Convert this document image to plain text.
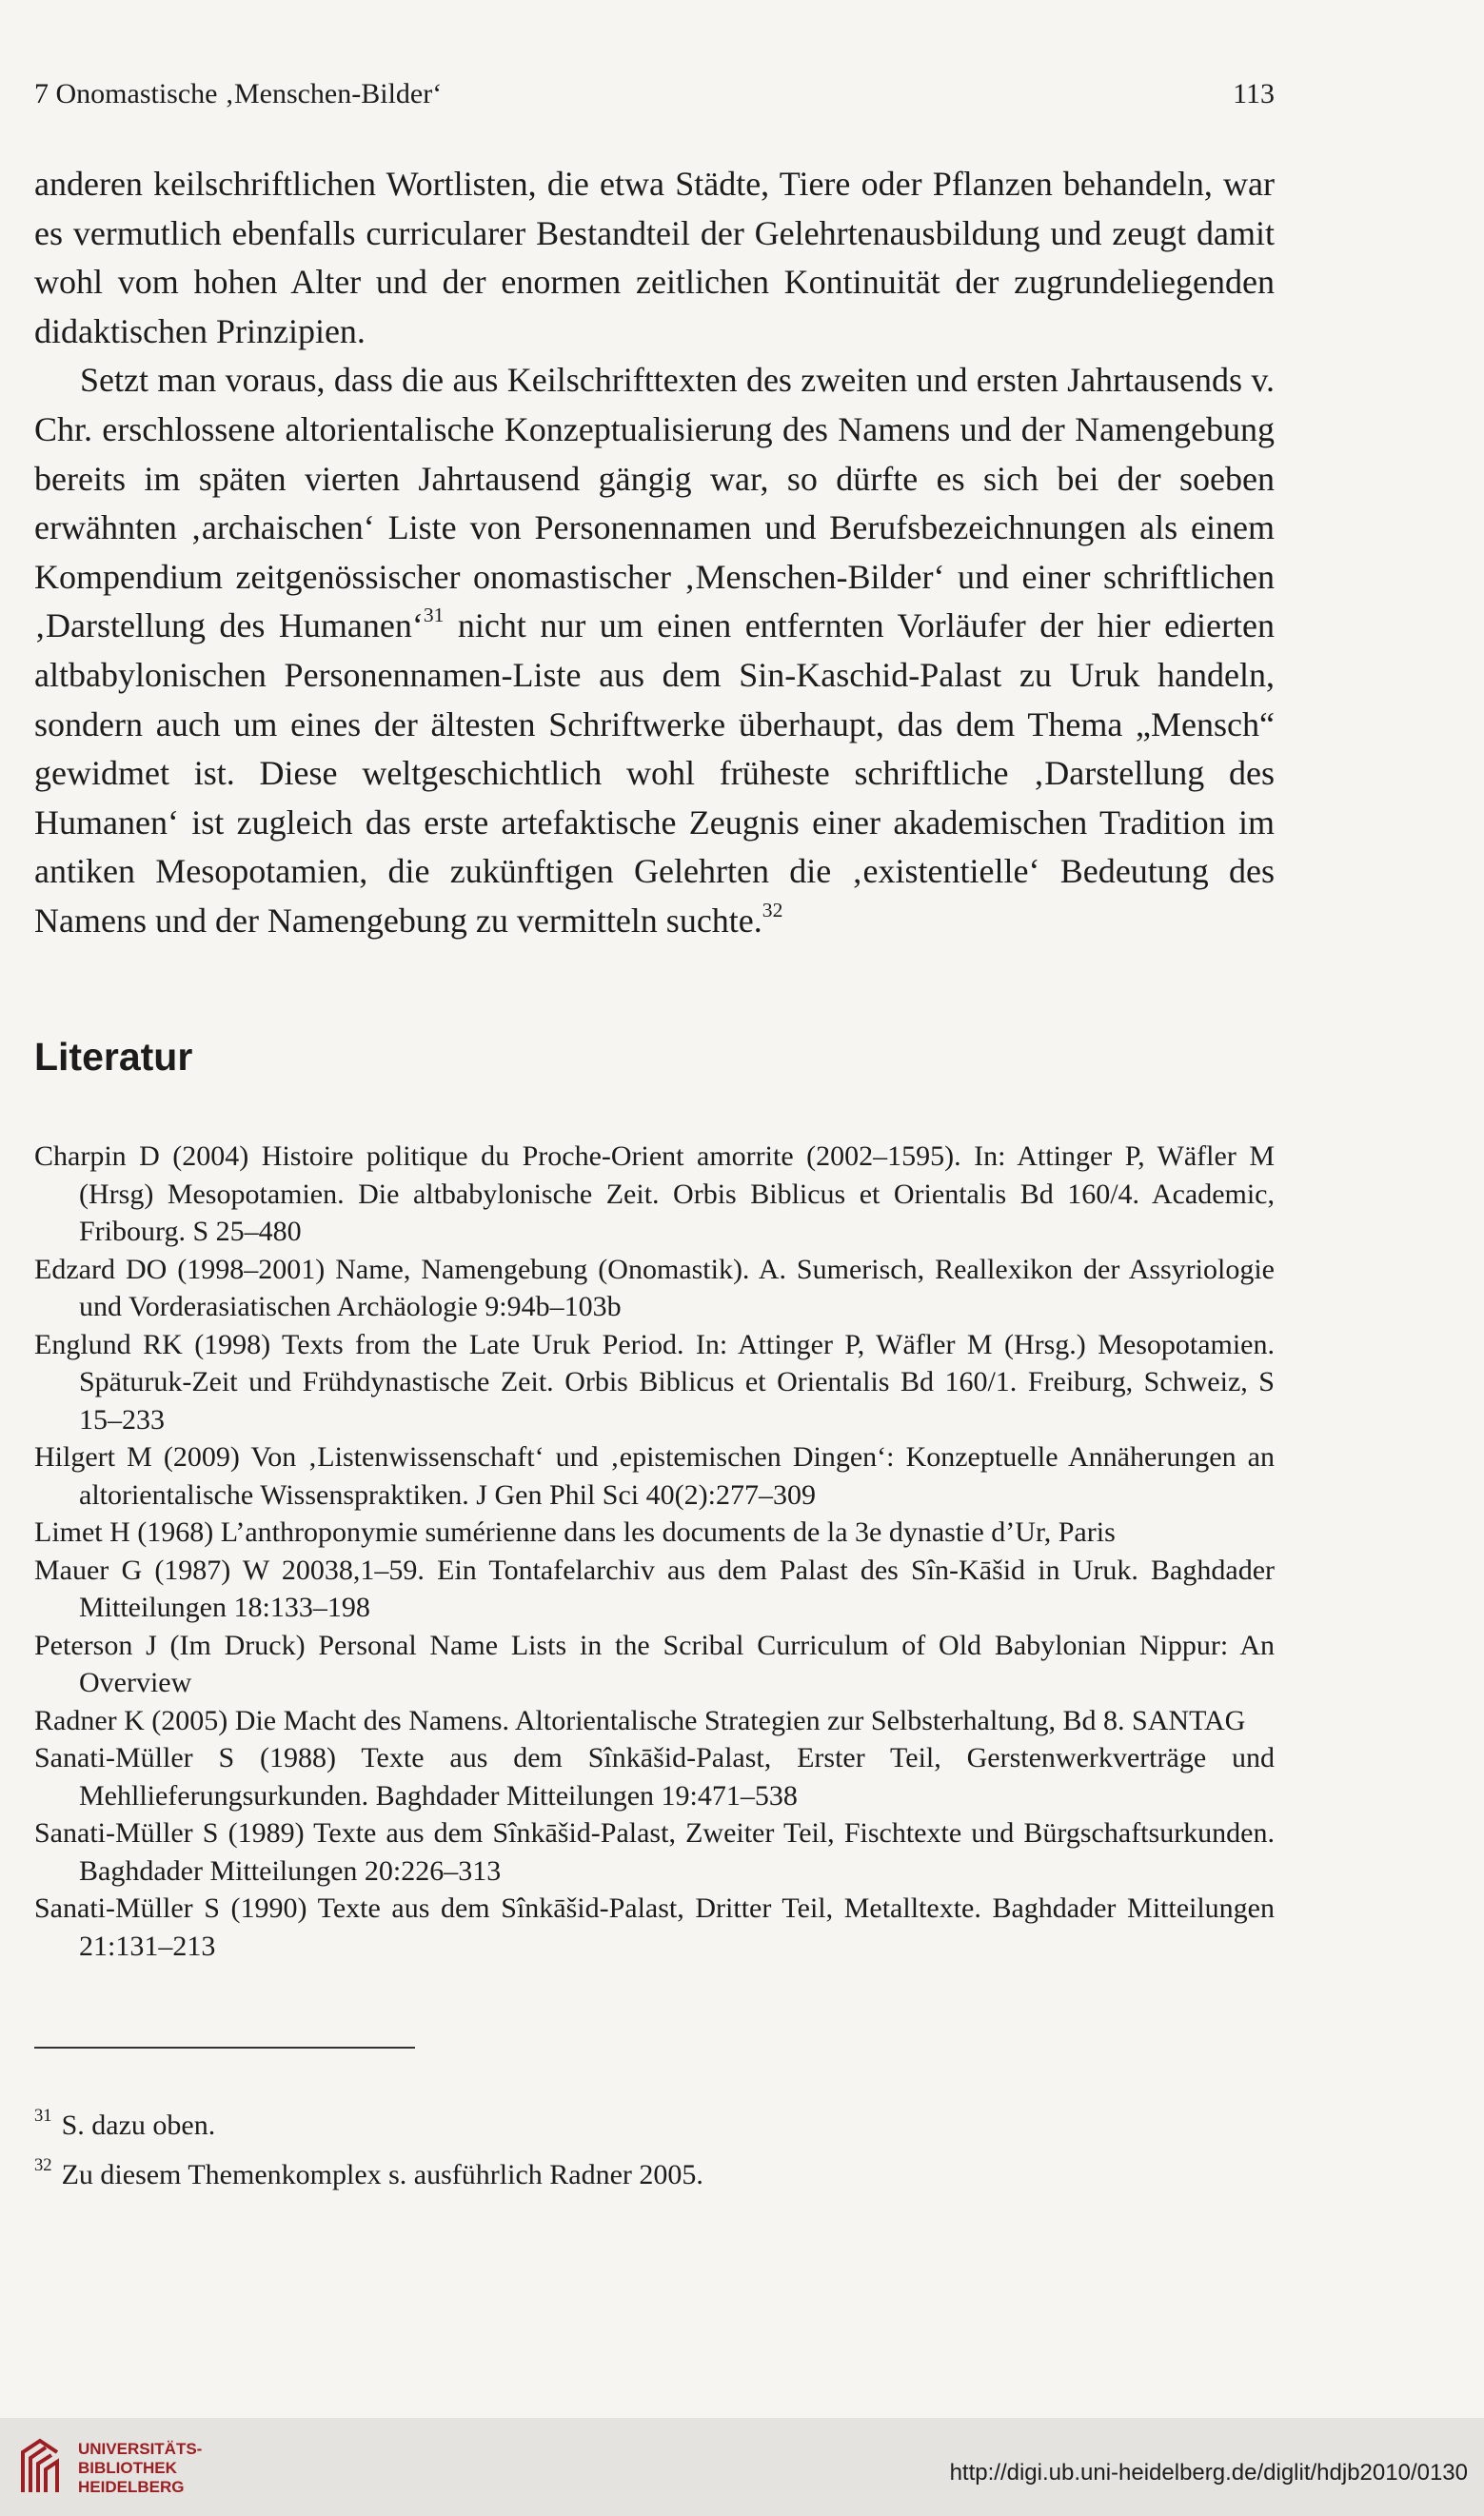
7 Onomastische ‚Menschen-Bilder‘	113

anderen keilschriftlichen Wortlisten, die etwa Städte, Tiere oder Pflanzen behandeln, war es vermutlich ebenfalls curricularer Bestandteil der Gelehrtenausbildung und zeugt damit wohl vom hohen Alter und der enormen zeitlichen Kontinuität der zugrundeliegenden didaktischen Prinzipien.

Setzt man voraus, dass die aus Keilschrifttexten des zweiten und ersten Jahrtausends v. Chr. erschlossene altorientalische Konzeptualisierung des Namens und der Namengebung bereits im späten vierten Jahrtausend gängig war, so dürfte es sich bei der soeben erwähnten ‚archaischen‘ Liste von Personennamen und Berufsbezeichnungen als einem Kompendium zeitgenössischer onomastischer ‚Menschen-Bilder‘ und einer schriftlichen ‚Darstellung des Humanen‘$^{31}$ nicht nur um einen entfernten Vorläufer der hier edierten altbabylonischen Personennamen-Liste aus dem Sin-Kaschid-Palast zu Uruk handeln, sondern auch um eines der ältesten Schriftwerke überhaupt, das dem Thema „Mensch“ gewidmet ist. Diese weltgeschichtlich wohl früheste schriftliche ‚Darstellung des Humanen‘ ist zugleich das erste artefaktische Zeugnis einer akademischen Tradition im antiken Mesopotamien, die zukünftigen Gelehrten die ‚existentielle‘ Bedeutung des Namens und der Namengebung zu vermitteln suchte.$^{32}$

Literatur
Charpin D (2004) Histoire politique du Proche-Orient amorrite (2002–1595). In: Attinger P, Wäfler M (Hrsg) Mesopotamien. Die altbabylonische Zeit. Orbis Biblicus et Orientalis Bd 160/4. Academic, Fribourg. S 25–480
Edzard DO (1998–2001) Name, Namengebung (Onomastik). A. Sumerisch, Reallexikon der Assyriologie und Vorderasiatischen Archäologie 9:94b–103b
Englund RK (1998) Texts from the Late Uruk Period. In: Attinger P, Wäfler M (Hrsg.) Mesopotamien. Späturuk-Zeit und Frühdynastische Zeit. Orbis Biblicus et Orientalis Bd 160/1. Freiburg, Schweiz, S 15–233
Hilgert M (2009) Von ‚Listenwissenschaft‘ und ‚epistemischen Dingen‘: Konzeptuelle Annäherungen an altorientalische Wissenspraktiken. J Gen Phil Sci 40(2):277–309
Limet H (1968) L’anthroponymie sumérienne dans les documents de la 3e dynastie d’Ur, Paris
Mauer G (1987) W 20038,1–59. Ein Tontafelarchiv aus dem Palast des Sîn-Kāšid in Uruk. Baghdader Mitteilungen 18:133–198
Peterson J (Im Druck) Personal Name Lists in the Scribal Curriculum of Old Babylonian Nippur: An Overview
Radner K (2005) Die Macht des Namens. Altorientalische Strategien zur Selbsterhaltung, Bd 8. SANTAG
Sanati-Müller S (1988) Texte aus dem Sînkāšid-Palast, Erster Teil, Gerstenwerkverträge und Mehllieferungsurkunden. Baghdader Mitteilungen 19:471–538
Sanati-Müller S (1989) Texte aus dem Sînkāšid-Palast, Zweiter Teil, Fischtexte und Bürgschaftsurkunden. Baghdader Mitteilungen 20:226–313
Sanati-Müller S (1990) Texte aus dem Sînkāšid-Palast, Dritter Teil, Metalltexte. Baghdader Mitteilungen 21:131–213
$^{31}$ S. dazu oben.
$^{32}$ Zu diesem Themenkomplex s. ausführlich Radner 2005.
UNIVERSITÄTS-
BIBLIOTHEK
HEIDELBERG
http://digi.ub.uni-heidelberg.de/diglit/hdjb2010/0130
